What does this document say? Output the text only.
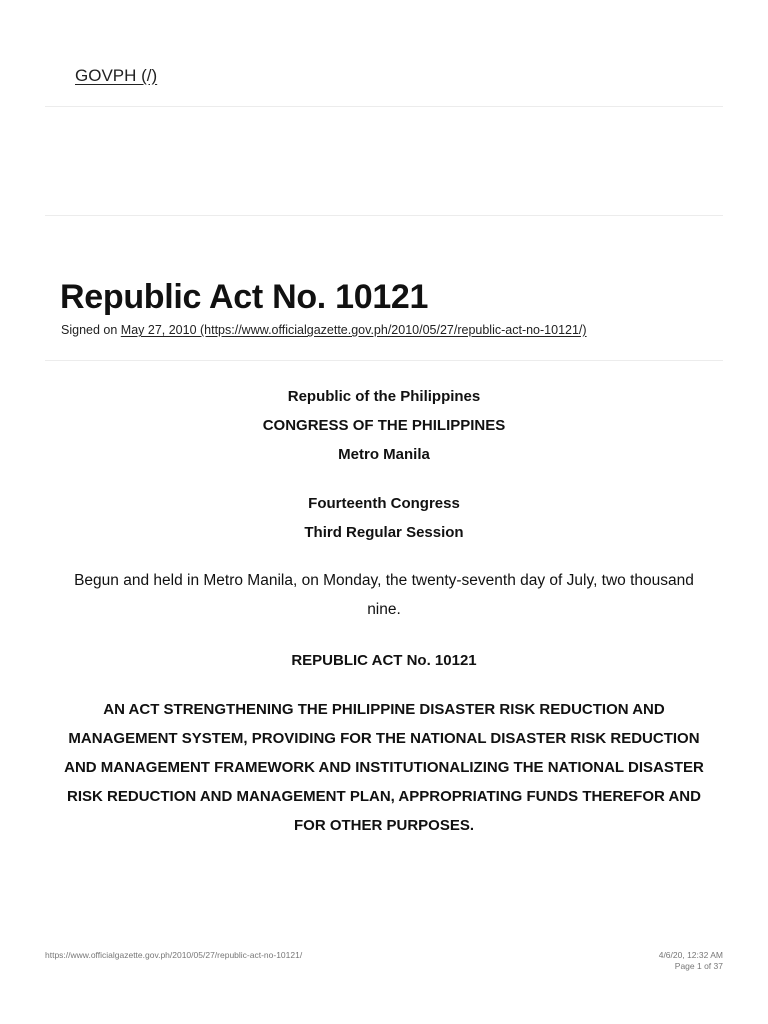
GOVPH (/)
Republic Act No. 10121
Signed on May 27, 2010 (https://www.officialgazette.gov.ph/2010/05/27/republic-act-no-10121/)
Republic of the Philippines
CONGRESS OF THE PHILIPPINES
Metro Manila
Fourteenth Congress
Third Regular Session
Begun and held in Metro Manila, on Monday, the twenty-seventh day of July, two thousand nine.
REPUBLIC ACT No. 10121
AN ACT STRENGTHENING THE PHILIPPINE DISASTER RISK REDUCTION AND MANAGEMENT SYSTEM, PROVIDING FOR THE NATIONAL DISASTER RISK REDUCTION AND MANAGEMENT FRAMEWORK AND INSTITUTIONALIZING THE NATIONAL DISASTER RISK REDUCTION AND MANAGEMENT PLAN, APPROPRIATING FUNDS THEREFOR AND FOR OTHER PURPOSES.
https://www.officialgazette.gov.ph/2010/05/27/republic-act-no-10121/	4/6/20, 12:32 AM
Page 1 of 37
